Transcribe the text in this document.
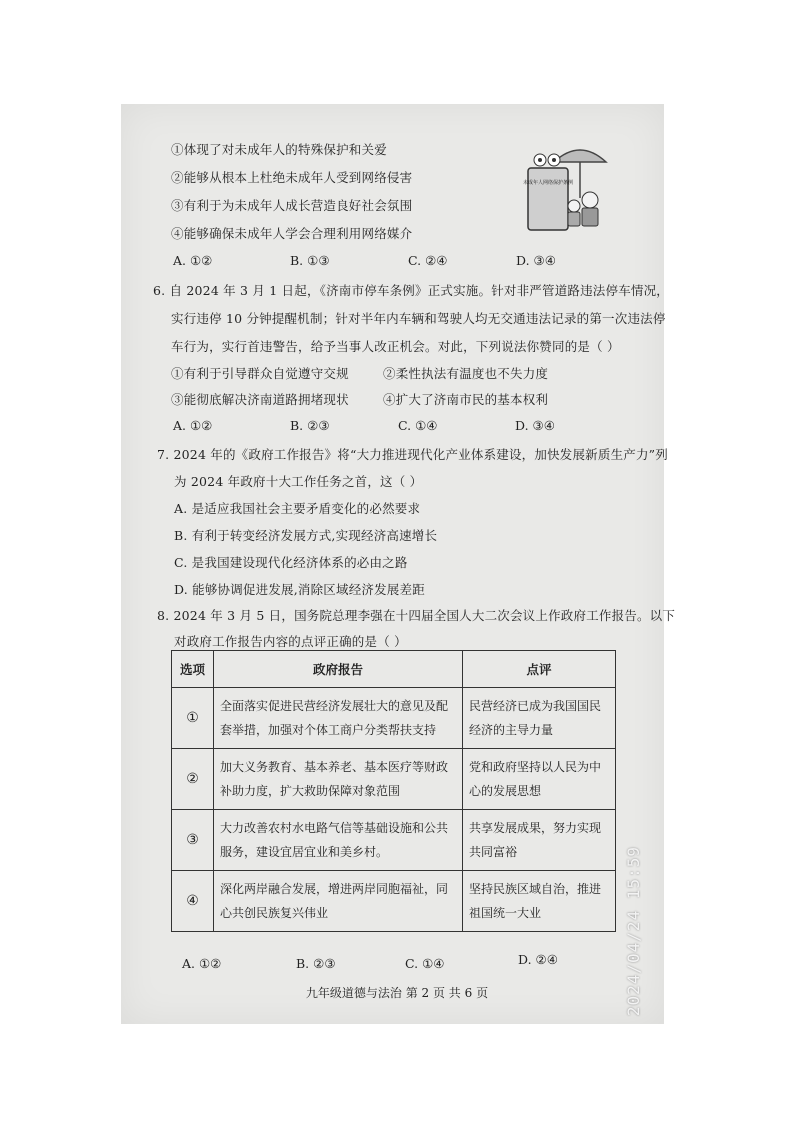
①体现了对未成年人的特殊保护和关爱
②能够从根本上杜绝未成年人受到网络侵害
③有利于为未成年人成长营造良好社会氛围
④能够确保未成年人学会合理利用网络媒介
未成年人网络保护条例
A. ①②	B. ①③	C. ②④	D. ③④
6. 自 2024 年 3 月 1 日起，《济南市停车条例》正式实施。针对非严管道路违法停车情况，
实行违停 10 分钟提醒机制；针对半年内车辆和驾驶人均无交通违法记录的第一次违法停
车行为，实行首违警告，给予当事人改正机会。对此，下列说法你赞同的是（ ）
①有利于引导群众自觉遵守交规	②柔性执法有温度也不失力度
③能彻底解决济南道路拥堵现状	④扩大了济南市民的基本权利
A. ①②	B. ②③	C. ①④	D. ③④
7. 2024 年的《政府工作报告》将“大力推进现代化产业体系建设，加快发展新质生产力”列
为 2024 年政府十大工作任务之首，这（ ）
A. 是适应我国社会主要矛盾变化的必然要求
B. 有利于转变经济发展方式,实现经济高速增长
C. 是我国建设现代化经济体系的必由之路
D. 能够协调促进发展,消除区域经济发展差距
8. 2024 年 3 月 5 日，国务院总理李强在十四届全国人大二次会议上作政府工作报告。以下
对政府工作报告内容的点评正确的是（ ）
选项	政府报告	点评
①	全面落实促进民营经济发展壮大的意见及配套举措，加强对个体工商户分类帮扶支持	民营经济已成为我国国民经济的主导力量

②	加大义务教育、基本养老、基本医疗等财政补助力度，扩大救助保障对象范围	党和政府坚持以人民为中心的发展思想

③	大力改善农村水电路气信等基础设施和公共服务，建设宜居宜业和美乡村。	共享发展成果，努力实现共同富裕

④	深化两岸融合发展，增进两岸同胞福祉，同心共创民族复兴伟业	坚持民族区域自治，推进祖国统一大业
A. ①②	B. ②③	C. ①④	D. ②④
九年级道德与法治 第 2 页 共 6 页	2024/04/24 15:59
